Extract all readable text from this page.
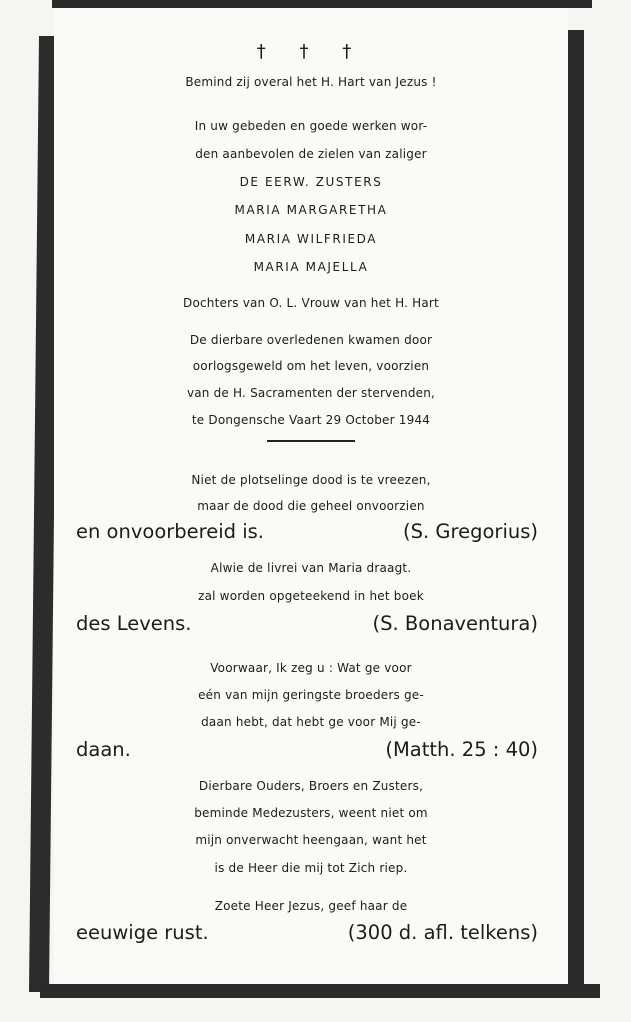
† † †
Bemind zij overal het H. Hart van Jezus !
In uw gebeden en goede werken wor-
den aanbevolen de zielen van zaliger
DE EERW. ZUSTERS
MARIA MARGARETHA
MARIA WILFRIEDA
MARIA MAJELLA
Dochters van O. L. Vrouw van het H. Hart
De dierbare overledenen kwamen door
oorlogsgeweld om het leven, voorzien
van de H. Sacramenten der stervenden,
te Dongensche Vaart 29 October 1944
Niet de plotselinge dood is te vreezen,
maar de dood die geheel onvoorzien
en onvoorbereid is.	(S. Gregorius)
Alwie de livrei van Maria draagt.
zal worden opgeteekend in het boek
des Levens.	(S. Bonaventura)
Voorwaar, Ik zeg u : Wat ge voor
eén van mijn geringste broeders ge-
daan hebt, dat hebt ge voor Mij ge-
daan.	(Matth. 25 : 40)
Dierbare Ouders, Broers en Zusters,
beminde Medezusters, weent niet om
mijn onverwacht heengaan, want het
is de Heer die mij tot Zich riep.
Zoete Heer Jezus, geef haar de
eeuwige rust.	(300 d. afl. telkens)
